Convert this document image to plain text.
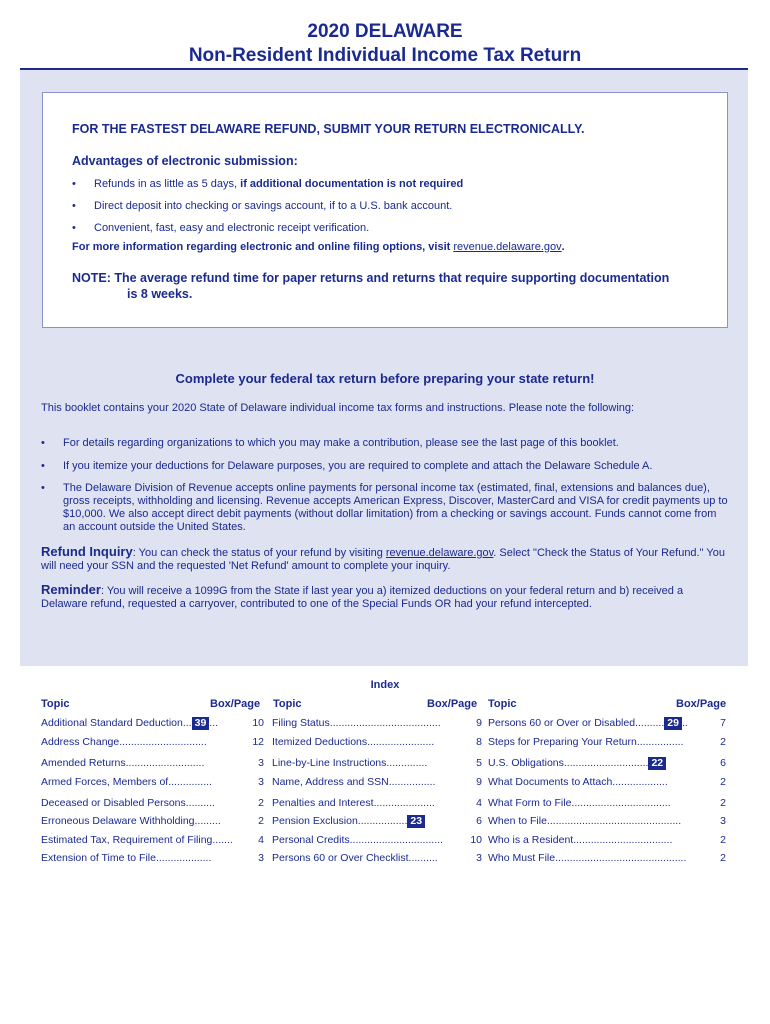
2020 DELAWARE
Non-Resident Individual Income Tax Return
FOR THE FASTEST DELAWARE REFUND, SUBMIT YOUR RETURN ELECTRONICALLY.
Advantages of electronic submission:
• Refunds in as little as 5 days, if additional documentation is not required
• Direct deposit into checking or savings account, if to a U.S. bank account.
• Convenient, fast, easy and electronic receipt verification.
For more information regarding electronic and online filing options, visit revenue.delaware.gov.
NOTE: The average refund time for paper returns and returns that require supporting documentation
is 8 weeks.
Complete your federal tax return before preparing your state return!
This booklet contains your 2020 State of Delaware individual income tax forms and instructions. Please note the following:
• For details regarding organizations to which you may make a contribution, please see the last page of this booklet.
• If you itemize your deductions for Delaware purposes, you are required to complete and attach the Delaware Schedule A.
• The Delaware Division of Revenue accepts online payments for personal income tax (estimated, final, extensions and balances due), gross receipts, withholding and licensing. Revenue accepts American Express, Discover, MasterCard and VISA for credit payments up to $10,000. We also accept direct debit payments (without dollar limitation) from a checking or savings account. Funds cannot come from an account outside the United States.
Refund Inquiry: You can check the status of your refund by visiting revenue.delaware.gov. Select "Check the Status of Your Refund." You will need your SSN and the requested 'Net Refund' amount to complete your inquiry.
Reminder: You will receive a 1099G from the State if last year you a) itemized deductions on your federal return and b) received a Delaware refund, requested a carryover, contributed to one of the Special Funds OR had your refund intercepted.
Index
Topic	Box/Page Topic	Box/Page Topic	Box/Page
Additional Standard Deduction... 39 ...	10
Address Change..............................	12
Amended Returns...........................	3
Armed Forces, Members of...............	3
Deceased or Disabled Persons..........	2
Erroneous Delaware Withholding.........	2
Estimated Tax, Requirement of Filing.......	4
Extension of Time to File...................	3
Filing Status......................................	9
Itemized Deductions.......................	8
Line-by-Line Instructions..............	5
Name, Address and SSN................	9
Penalties and Interest.....................	4
Pension Exclusion................. 23	6
Personal Credits................................	10
Persons 60 or Over Checklist..........	3
Persons 60 or Over or Disabled.......... 29 ..	7
Steps for Preparing Your Return................	2
U.S. Obligations............................. 22	6
What Documents to Attach...................	2
What Form to File..................................	2
When to File..............................................	3
Who is a Resident..................................	2
Who Must File.............................................	2
